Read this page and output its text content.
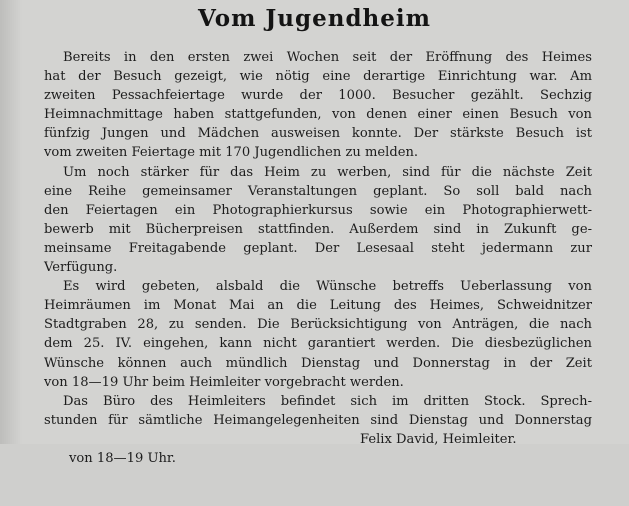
Vom Jugendheim
Bereits in den ersten zwei Wochen seit der Eröffnung des Heimes
hat der Besuch gezeigt, wie nötig eine derartige Einrichtung war. Am
zweiten Pessachfeiertage wurde der 1000. Besucher gezählt. Sechzig
Heimnachmittage haben stattgefunden, von denen einer einen Besuch von
fünfzig Jungen und Mädchen ausweisen konnte. Der stärkste Besuch ist
vom zweiten Feiertage mit 170 Jugendlichen zu melden.
Um noch stärker für das Heim zu werben, sind für die nächste Zeit
eine Reihe gemeinsamer Veranstaltungen geplant. So soll bald nach
den Feiertagen ein Photographierkursus sowie ein Photographierwett-
bewerb mit Bücherpreisen stattfinden. Außerdem sind in Zukunft ge-
meinsame Freitagabende geplant. Der Lesesaal steht jedermann zur
Verfügung.
Es wird gebeten, alsbald die Wünsche betreffs Ueberlassung von
Heimräumen im Monat Mai an die Leitung des Heimes, Schweidnitzer
Stadtgraben 28, zu senden. Die Berücksichtigung von Anträgen, die nach
dem 25. IV. eingehen, kann nicht garantiert werden. Die diesbezüglichen
Wünsche können auch mündlich Dienstag und Donnerstag in der Zeit
von 18—19 Uhr beim Heimleiter vorgebracht werden.
Das Büro des Heimleiters befindet sich im dritten Stock. Sprech-
stunden für sämtliche Heimangelegenheiten sind Dienstag und Donnerstag

von 18—19 Uhr.

Felix David, Heimleiter.
